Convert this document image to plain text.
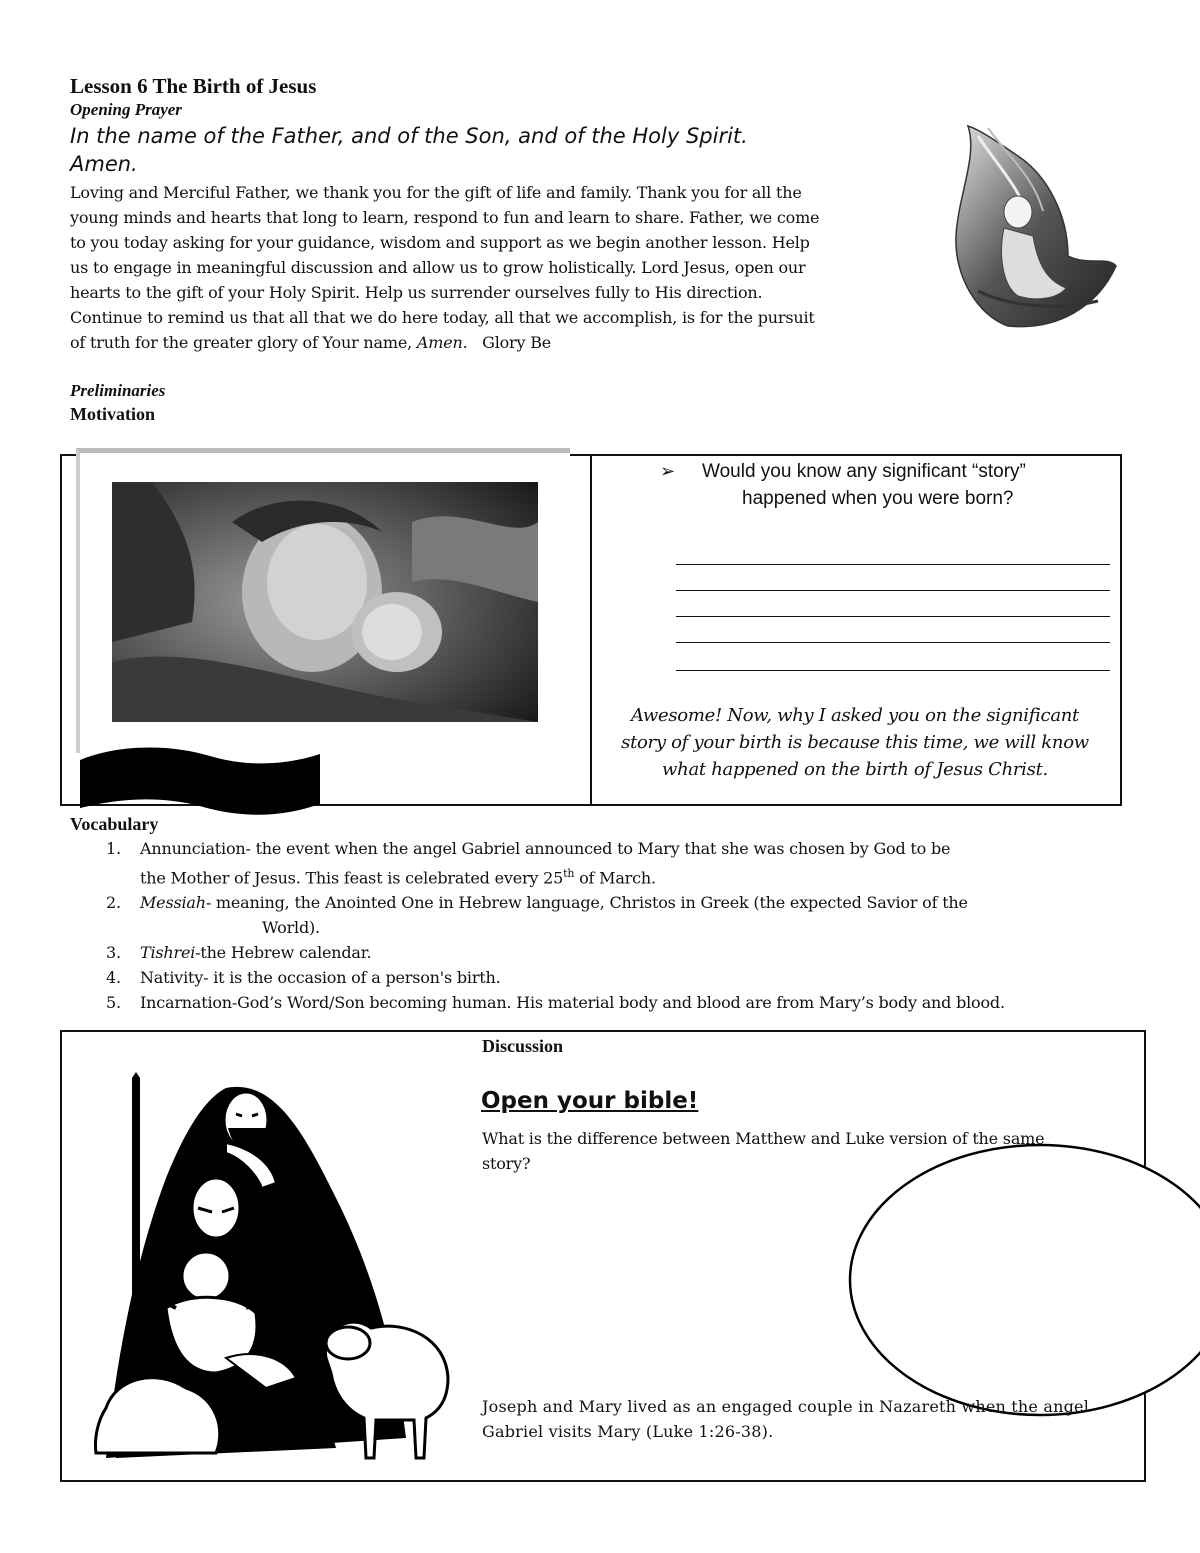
Lesson 6 The Birth of Jesus
Opening Prayer
In the name of the Father, and of the Son, and of the Holy Spirit.
Amen.
Loving and Merciful Father, we thank you for the gift of life and family. Thank you for all the
young minds and hearts that long to learn, respond to fun and learn to share. Father, we come
to you today asking for your guidance, wisdom and support as we begin another lesson. Help
us to engage in meaningful discussion and allow us to grow holistically. Lord Jesus, open our
hearts to the gift of your Holy Spirit. Help us surrender ourselves fully to His direction.
Continue to remind us that all that we do here today, all that we accomplish, is for the pursuit
of truth for the greater glory of Your name, Amen.   Glory Be
Preliminaries
Motivation
➢ Would you know any significant “story”
happened when you were born?
Awesome! Now, why I asked you on the significant
story of your birth is because this time, we will know
what happened on the birth of Jesus Christ.
Vocabulary
1. Annunciation- the event when the angel Gabriel announced to Mary that she was chosen by God to be
the Mother of Jesus. This feast is celebrated every 25th of March.
2. Messiah- meaning, the Anointed One in Hebrew language, Christos in Greek (the expected Savior of the
World).
3. Tishrei-the Hebrew calendar.
4. Nativity- it is the occasion of a person's birth.
5. Incarnation-God’s Word/Son becoming human. His material body and blood are from Mary’s body and blood.
Discussion
Open your bible!
What is the difference between Matthew and Luke version of the same
story?
Joseph and Mary lived as an engaged couple in Nazareth when the angel
Gabriel visits Mary (Luke 1:26-38).
